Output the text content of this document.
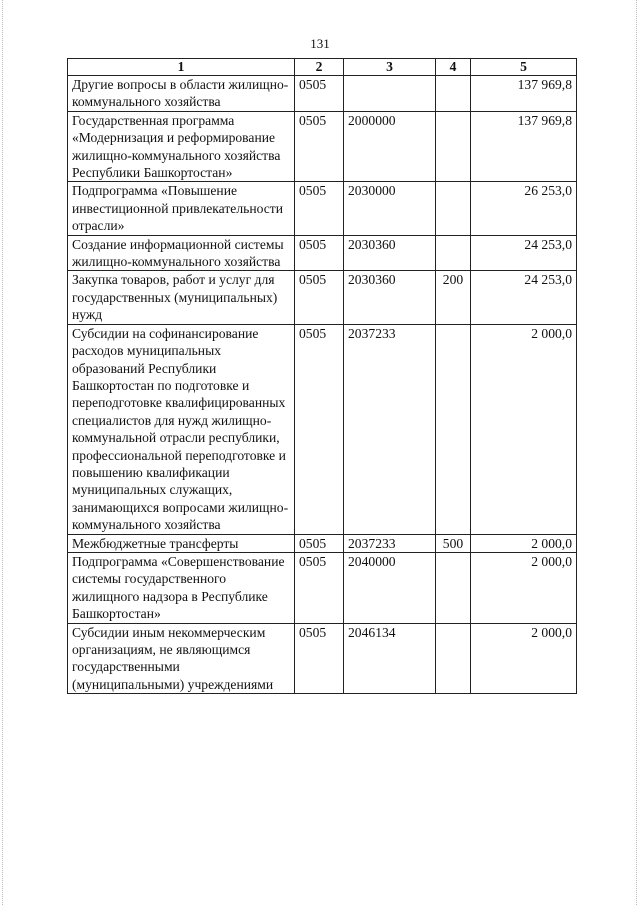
131
1	2	3	4	5
Другие вопросы в области жилищно-коммунального хозяйства	0505			137 969,8
Государственная программа «Модернизация и реформирование жилищно-коммунального хозяйства Республики Башкортостан»	0505	2000000		137 969,8
Подпрограмма «Повышение инвестиционной привлекательности отрасли»	0505	2030000		26 253,0
Создание информационной системы жилищно-коммунального хозяйства	0505	2030360		24 253,0
Закупка товаров, работ и услуг для государственных (муниципальных) нужд	0505	2030360	200	24 253,0
Субсидии на софинансирование расходов муниципальных образований Республики Башкортостан по подготовке и переподготовке квалифицированных специалистов для нужд жилищно-коммунальной отрасли республики, профессиональной переподготовке и повышению квалификации муниципальных служащих, занимающихся вопросами жилищно-коммунального хозяйства	0505	2037233		2 000,0
Межбюджетные трансферты	0505	2037233	500	2 000,0
Подпрограмма «Совершенствование системы государственного жилищного надзора в Республике Башкортостан»	0505	2040000		2 000,0
Субсидии иным некоммерческим организациям, не являющимся государственными (муниципальными) учреждениями	0505	2046134		2 000,0
